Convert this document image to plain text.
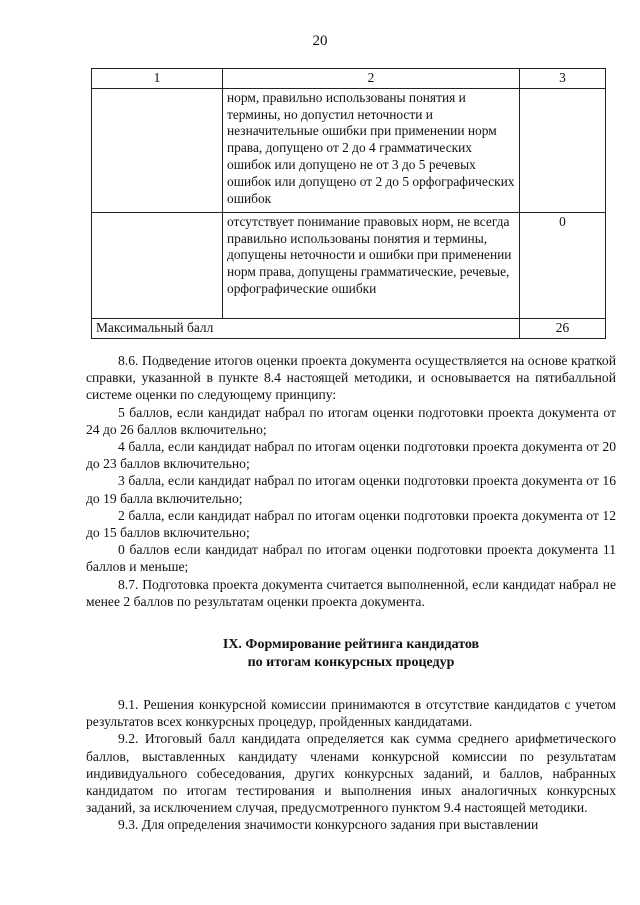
20
1	2	3
	норм, правильно использованы понятия и термины, но допустил неточности и незначительные ошибки при применении норм права, допущено от 2 до 4 грамматических ошибок или допущено не от 3 до 5 речевых ошибок или допущено от 2 до 5 орфографических ошибок	
	отсутствует понимание правовых норм, не всегда правильно использованы понятия и термины, допущены неточности и ошибки при применении норм права, допущены грамматические, речевые, орфографические ошибки	0
Максимальный балл		26

8.6. Подведение итогов оценки проекта документа осуществляется на основе краткой справки, указанной в пункте 8.4 настоящей методики, и основывается на пятибалльной системе оценки по следующему принципу:

5 баллов, если кандидат набрал по итогам оценки подготовки проекта документа от 24 до 26 баллов включительно;

4 балла, если кандидат набрал по итогам оценки подготовки проекта документа от 20 до 23 баллов включительно;

3 балла, если кандидат набрал по итогам оценки подготовки проекта документа от 16 до 19 балла включительно;

2 балла, если кандидат набрал по итогам оценки подготовки проекта документа от 12 до 15 баллов включительно;

0 баллов если кандидат набрал по итогам оценки подготовки проекта документа 11 баллов и меньше;

8.7. Подготовка проекта документа считается выполненной, если кандидат набрал не менее 2 баллов по результатам оценки проекта документа.

IX. Формирование рейтинга кандидатов
по итогам конкурсных процедур

9.1. Решения конкурсной комиссии принимаются в отсутствие кандидатов с учетом результатов всех конкурсных процедур, пройденных кандидатами.

9.2. Итоговый балл кандидата определяется как сумма среднего арифметического баллов, выставленных кандидату членами конкурсной комиссии по результатам индивидуального собеседования, других конкурсных заданий, и баллов, набранных кандидатом по итогам тестирования и выполнения иных аналогичных конкурсных заданий, за исключением случая, предусмотренного пунктом 9.4 настоящей методики.

9.3. Для определения значимости конкурсного задания при выставлении
